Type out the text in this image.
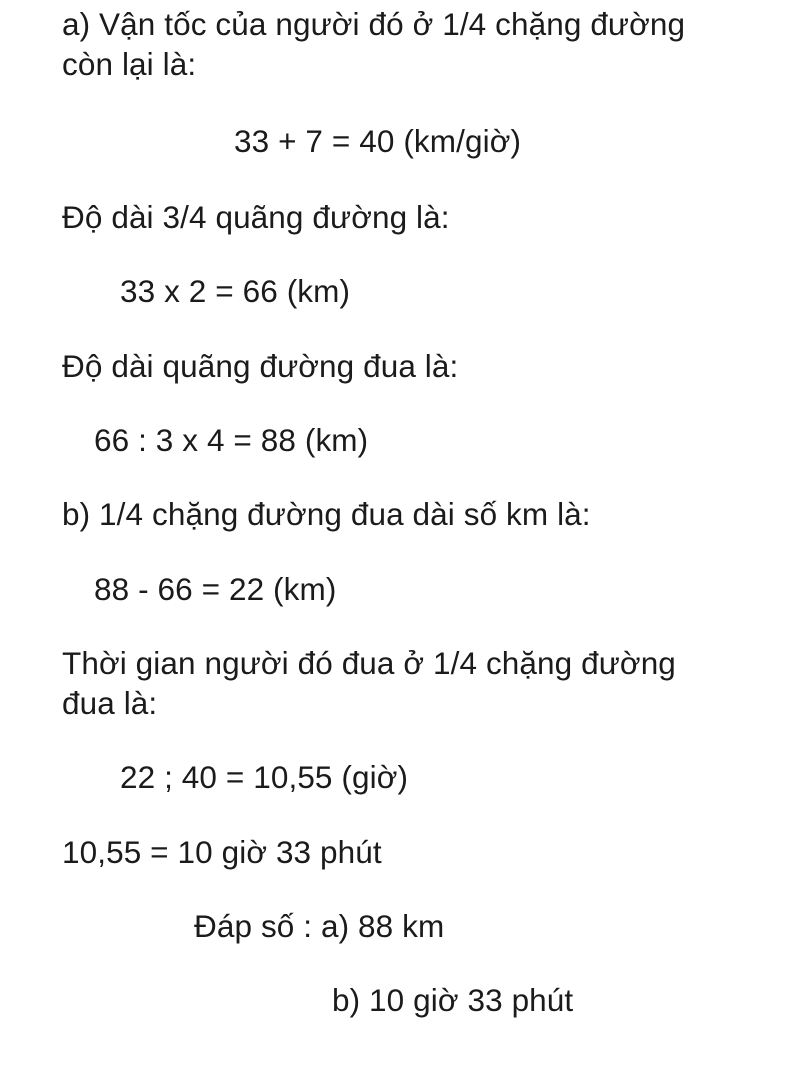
a) Vận tốc của người đó ở 1/4 chặng đường
còn lại là:
33 + 7 = 40 (km/giờ)
Độ dài 3/4 quãng đường là:
33 x 2 = 66 (km)
Độ dài quãng đường đua là:
66 : 3 x 4 = 88 (km)
b) 1/4 chặng đường đua dài số km là:
88 - 66 = 22 (km)
Thời gian người đó đua ở 1/4 chặng đường
đua là:
22 ; 40 = 10,55 (giờ)
10,55 = 10 giờ 33 phút
Đáp số : a) 88 km
b) 10 giờ 33 phút
